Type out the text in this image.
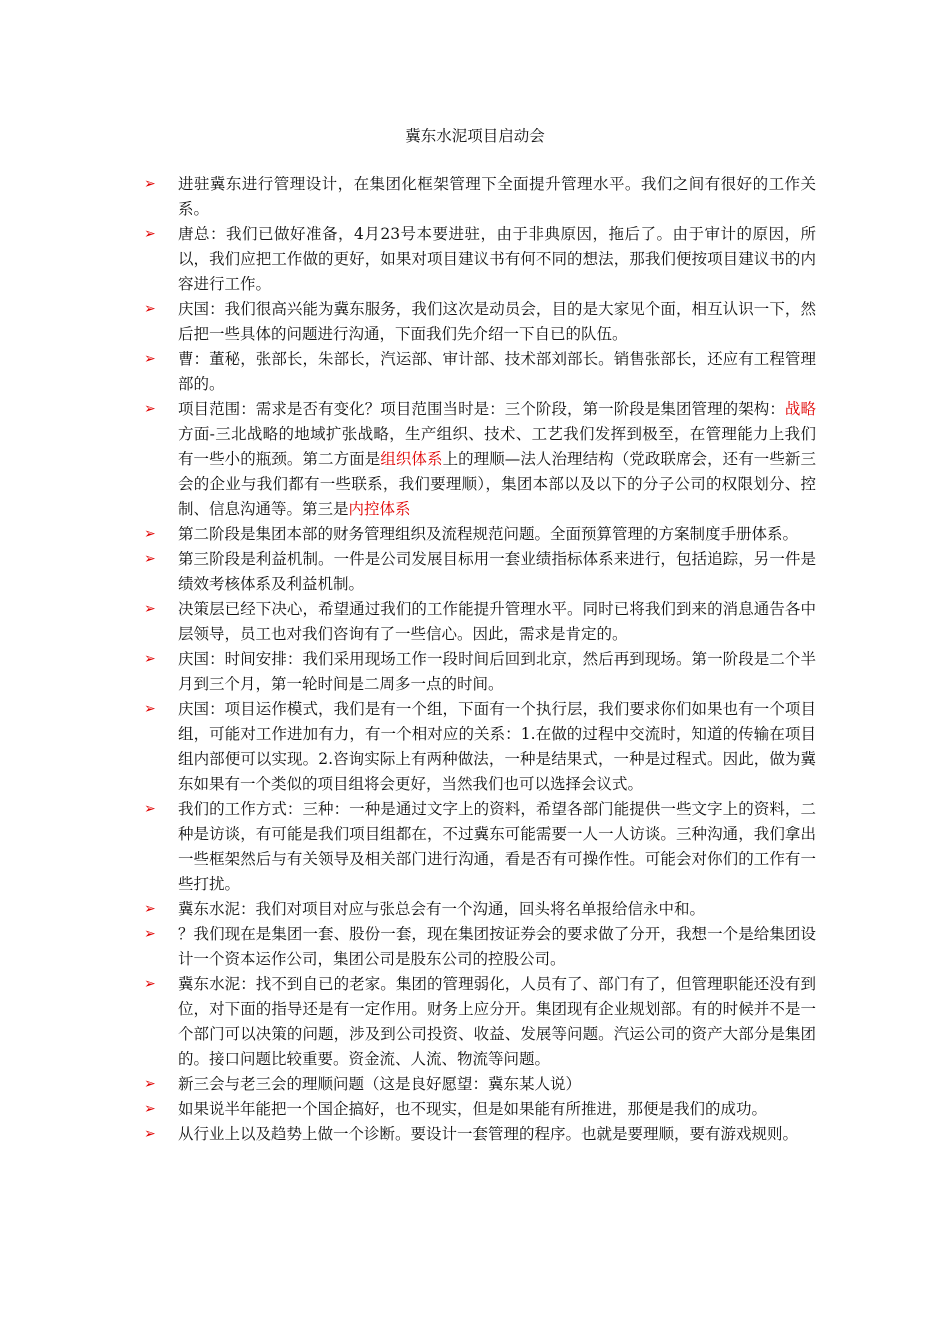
冀东水泥项目启动会
➢ 进驻冀东进行管理设计，在集团化框架管理下全面提升管理水平。我们之间有很好的工作关系。
➢ 唐总：我们已做好准备，4月23号本要进驻，由于非典原因，拖后了。由于审计的原因，所以，我们应把工作做的更好，如果对项目建议书有何不同的想法，那我们便按项目建议书的内容进行工作。
➢ 庆国：我们很高兴能为冀东服务，我们这次是动员会，目的是大家见个面，相互认识一下，然后把一些具体的问题进行沟通，下面我们先介绍一下自已的队伍。
➢ 曹：董秘，张部长，朱部长，汽运部、审计部、技术部刘部长。销售张部长，还应有工程管理部的。
➢ 项目范围：需求是否有变化？项目范围当时是：三个阶段，第一阶段是集团管理的架构：战略方面-三北战略的地域扩张战略，生产组织、技术、工艺我们发挥到极至，在管理能力上我们有一些小的瓶颈。第二方面是组织体系上的理顺—法人治理结构（党政联席会，还有一些新三会的企业与我们都有一些联系，我们要理顺），集团本部以及以下的分子公司的权限划分、控制、信息沟通等。第三是内控体系
➢ 第二阶段是集团本部的财务管理组织及流程规范问题。全面预算管理的方案制度手册体系。
➢ 第三阶段是利益机制。一件是公司发展目标用一套业绩指标体系来进行，包括追踪，另一件是绩效考核体系及利益机制。
➢ 决策层已经下决心，希望通过我们的工作能提升管理水平。同时已将我们到来的消息通告各中层领导，员工也对我们咨询有了一些信心。因此，需求是肯定的。
➢ 庆国：时间安排：我们采用现场工作一段时间后回到北京，然后再到现场。第一阶段是二个半月到三个月，第一轮时间是二周多一点的时间。
➢ 庆国：项目运作模式，我们是有一个组，下面有一个执行层，我们要求你们如果也有一个项目组，可能对工作进加有力，有一个相对应的关系：1.在做的过程中交流时，知道的传输在项目组内部便可以实现。2.咨询实际上有两种做法，一种是结果式，一种是过程式。因此，做为冀东如果有一个类似的项目组将会更好，当然我们也可以选择会议式。
➢ 我们的工作方式：三种：一种是通过文字上的资料，希望各部门能提供一些文字上的资料，二种是访谈，有可能是我们项目组都在，不过冀东可能需要一人一人访谈。三种沟通，我们拿出一些框架然后与有关领导及相关部门进行沟通，看是否有可操作性。可能会对你们的工作有一些打扰。
➢ 冀东水泥：我们对项目对应与张总会有一个沟通，回头将名单报给信永中和。
➢ ？我们现在是集团一套、股份一套，现在集团按证券会的要求做了分开，我想一个是给集团设计一个资本运作公司，集团公司是股东公司的控股公司。
➢ 冀东水泥：找不到自已的老家。集团的管理弱化，人员有了、部门有了，但管理职能还没有到位，对下面的指导还是有一定作用。财务上应分开。集团现有企业规划部。有的时候并不是一个部门可以决策的问题，涉及到公司投资、收益、发展等问题。汽运公司的资产大部分是集团的。接口问题比较重要。资金流、人流、物流等问题。
➢ 新三会与老三会的理顺问题（这是良好愿望：冀东某人说）
➢ 如果说半年能把一个国企搞好，也不现实，但是如果能有所推进，那便是我们的成功。
➢ 从行业上以及趋势上做一个诊断。要设计一套管理的程序。也就是要理顺，要有游戏规则。
